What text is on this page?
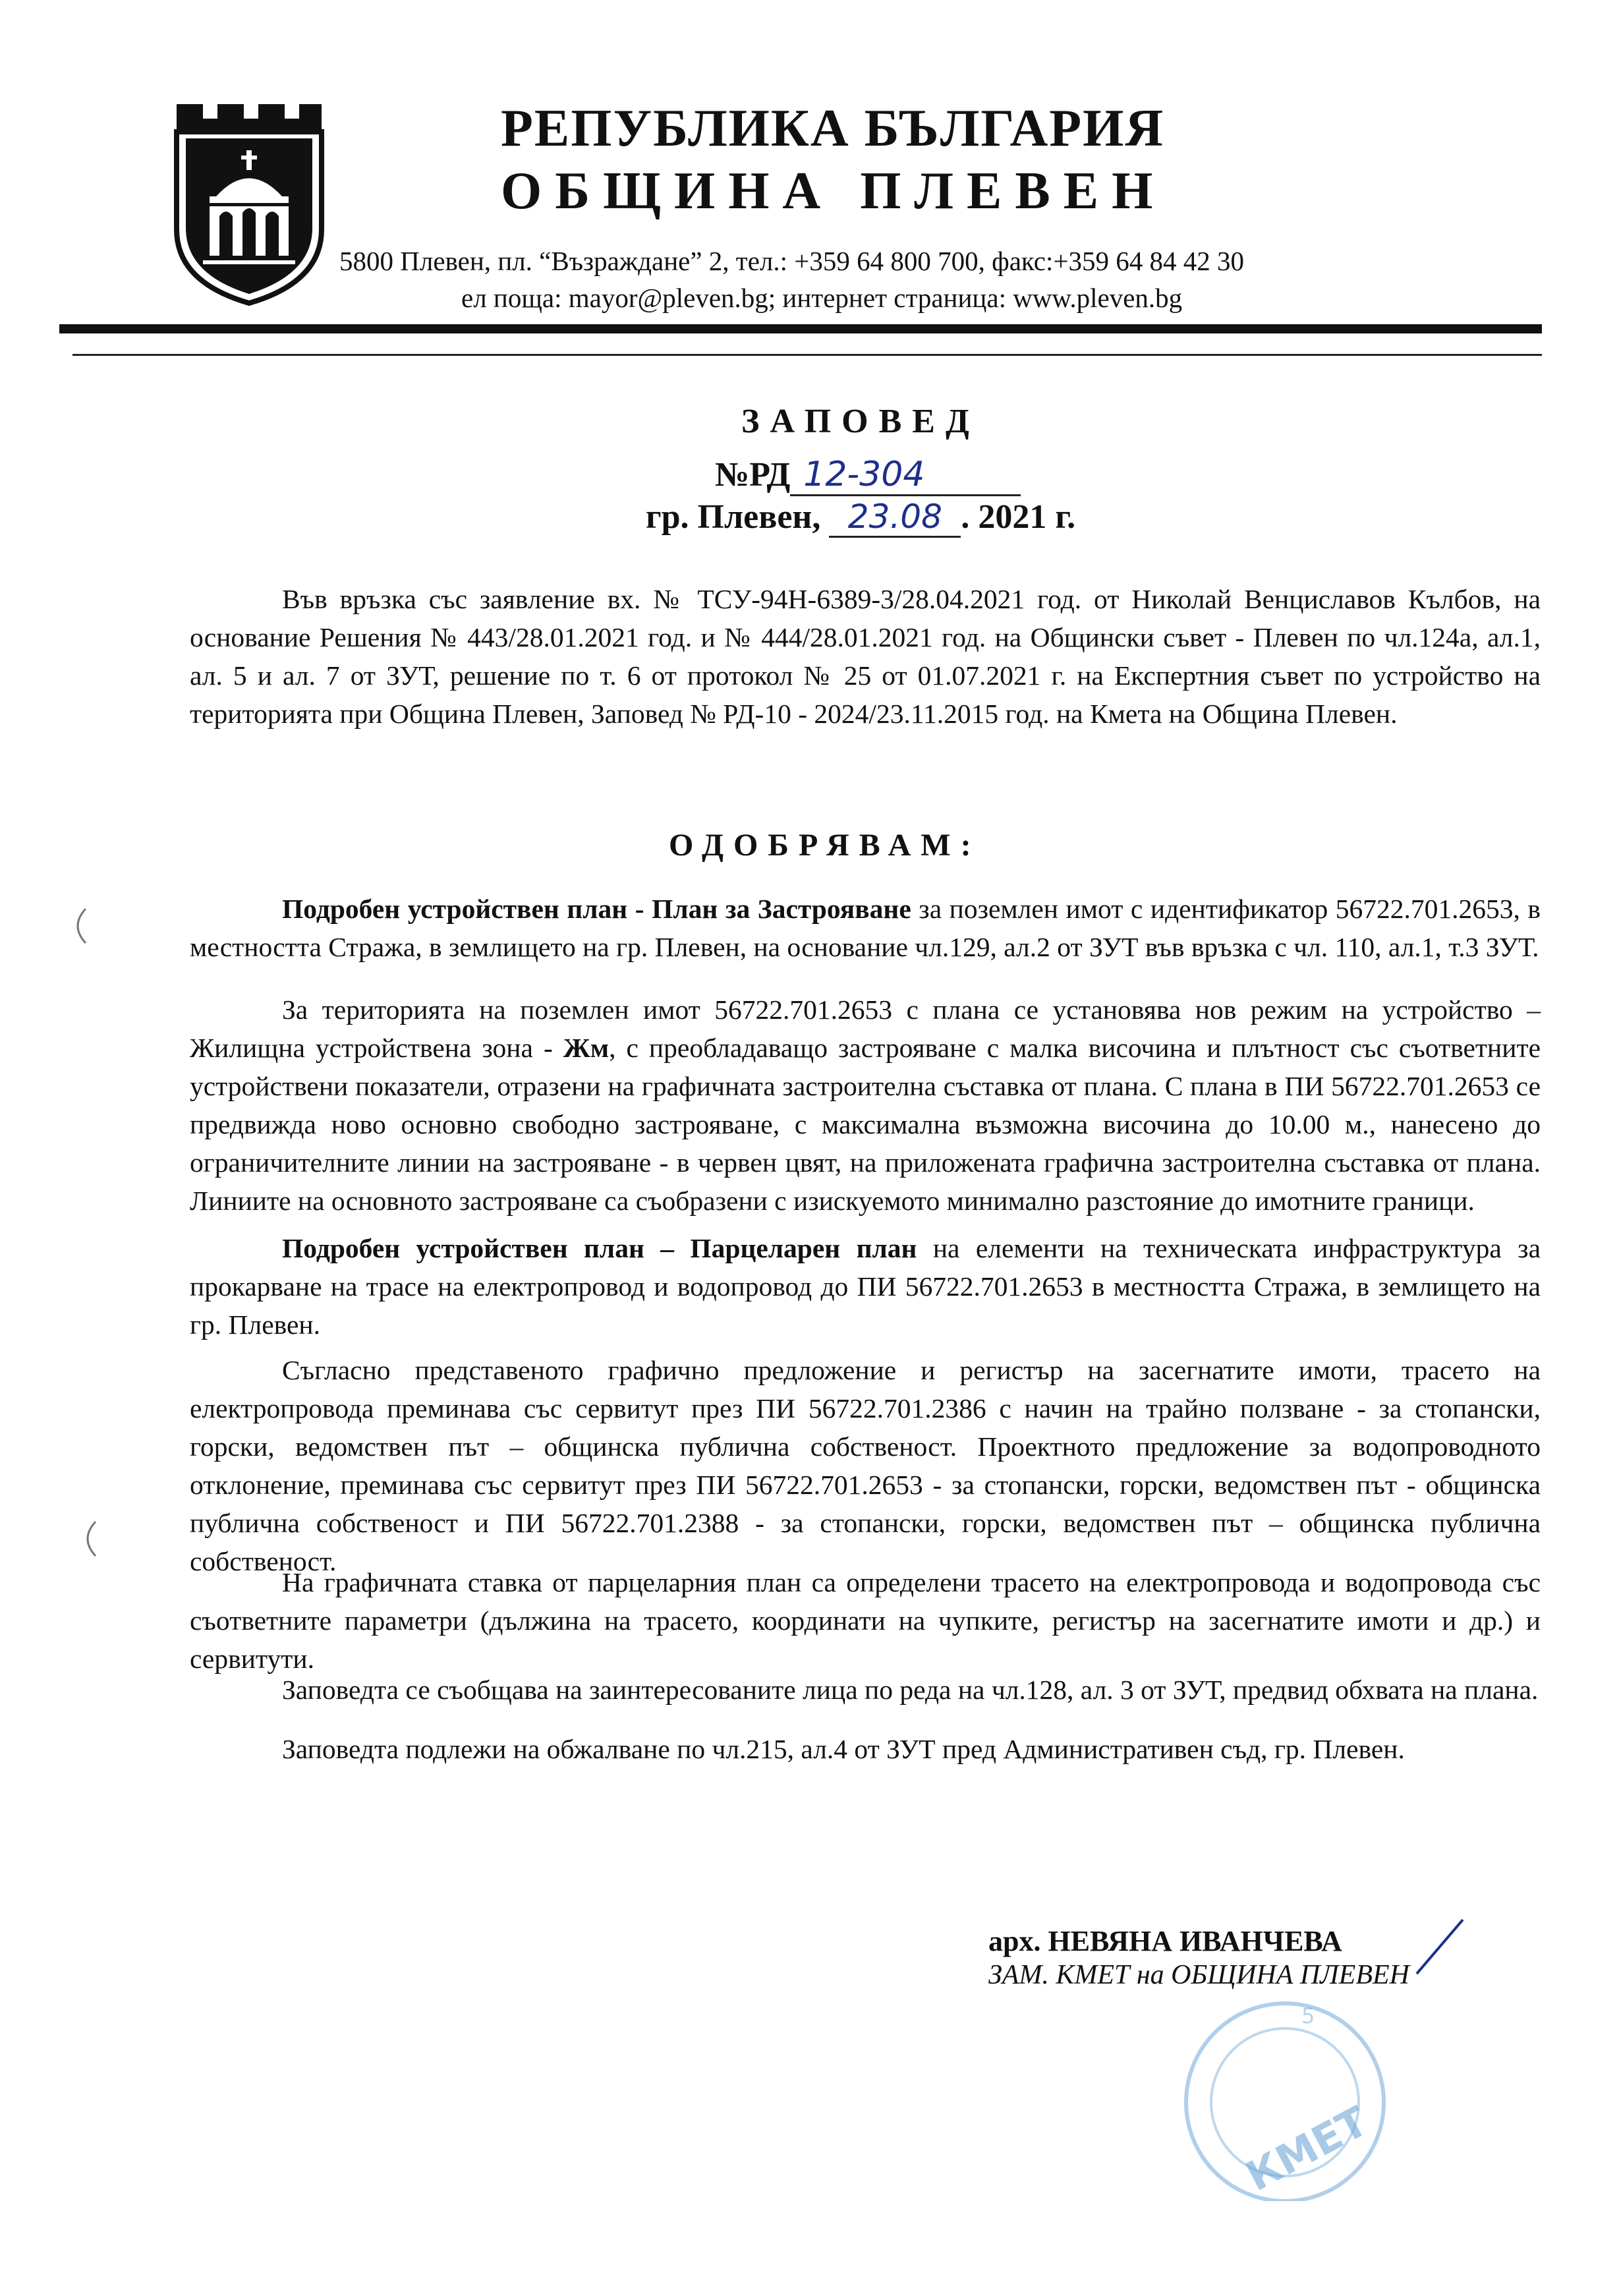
РЕПУБЛИКА БЪЛГАРИЯ
ОБЩИНА ПЛЕВЕН
5800 Плевен, пл. “Възраждане” 2, тел.: +359 64 800 700, факс:+359 64 84 42 30
ел поща: mayor@pleven.bg; интернет страница: www.pleven.bg
ЗАПОВЕД
№РД 12-304
гр. Плевен, 23.08 . 2021 г.
Във връзка със заявление вх. № ТСУ-94Н-6389-3/28.04.2021 год. от Николай Венциславов Кълбов, на основание Решения № 443/28.01.2021 год. и № 444/28.01.2021 год. на Общински съвет - Плевен по чл.124а, ал.1, ал. 5 и ал. 7 от ЗУТ, решение по т. 6 от протокол № 25 от 01.07.2021 г. на Експертния съвет по устройство на територията при Община Плевен, Заповед № РД-10 - 2024/23.11.2015 год. на Кмета на Община Плевен.
ОДОБРЯВАМ:
Подробен устройствен план - План за Застрояване за поземлен имот с идентификатор 56722.701.2653, в местността Стража, в землището на гр. Плевен, на основание чл.129, ал.2 от ЗУТ във връзка с чл. 110, ал.1, т.3 ЗУТ.
За територията на поземлен имот 56722.701.2653 с плана се установява нов режим на устройство – Жилищна устройствена зона - Жм, с преобладаващо застрояване с малка височина и плътност със съответните устройствени показатели, отразени на графичната застроителна съставка от плана. С плана в ПИ 56722.701.2653 се предвижда ново основно свободно застрояване, с максимална възможна височина до 10.00 м., нанесено до ограничителните линии на застрояване - в червен цвят, на приложената графична застроителна съставка от плана. Линиите на основното застрояване са съобразени с изискуемото минимално разстояние до имотните граници.
Подробен устройствен план – Парцеларен план на елементи на техническата инфраструктура за прокарване на трасе на електропровод и водопровод до ПИ 56722.701.2653 в местността Стража, в землището на гр. Плевен.
Съгласно представеното графично предложение и регистър на засегнатите имоти, трасето на електропровода преминава със сервитут през ПИ 56722.701.2386 с начин на трайно ползване - за стопански, горски, ведомствен път – общинска публична собственост. Проектното предложение за водопроводното отклонение, преминава със сервитут през ПИ 56722.701.2653 - за стопански, горски, ведомствен път - общинска публична собственост и ПИ 56722.701.2388 - за стопански, горски, ведомствен път – общинска публична собственост.
На графичната ставка от парцеларния план са определени трасето на електропровода и водопровода със съответните параметри (дължина на трасето, координати на чупките, регистър на засегнатите имоти и др.) и сервитути.
Заповедта се съобщава на заинтересованите лица по реда на чл.128, ал. 3 от ЗУТ, предвид обхвата на плана.
Заповедта подлежи на обжалване по чл.215, ал.4 от ЗУТ пред Административен съд, гр. Плевен.
КМЕТ
5
арх. НЕВЯНА ИВАНЧЕВА
ЗАМ. КМЕТ на ОБЩИНА ПЛЕВЕН
